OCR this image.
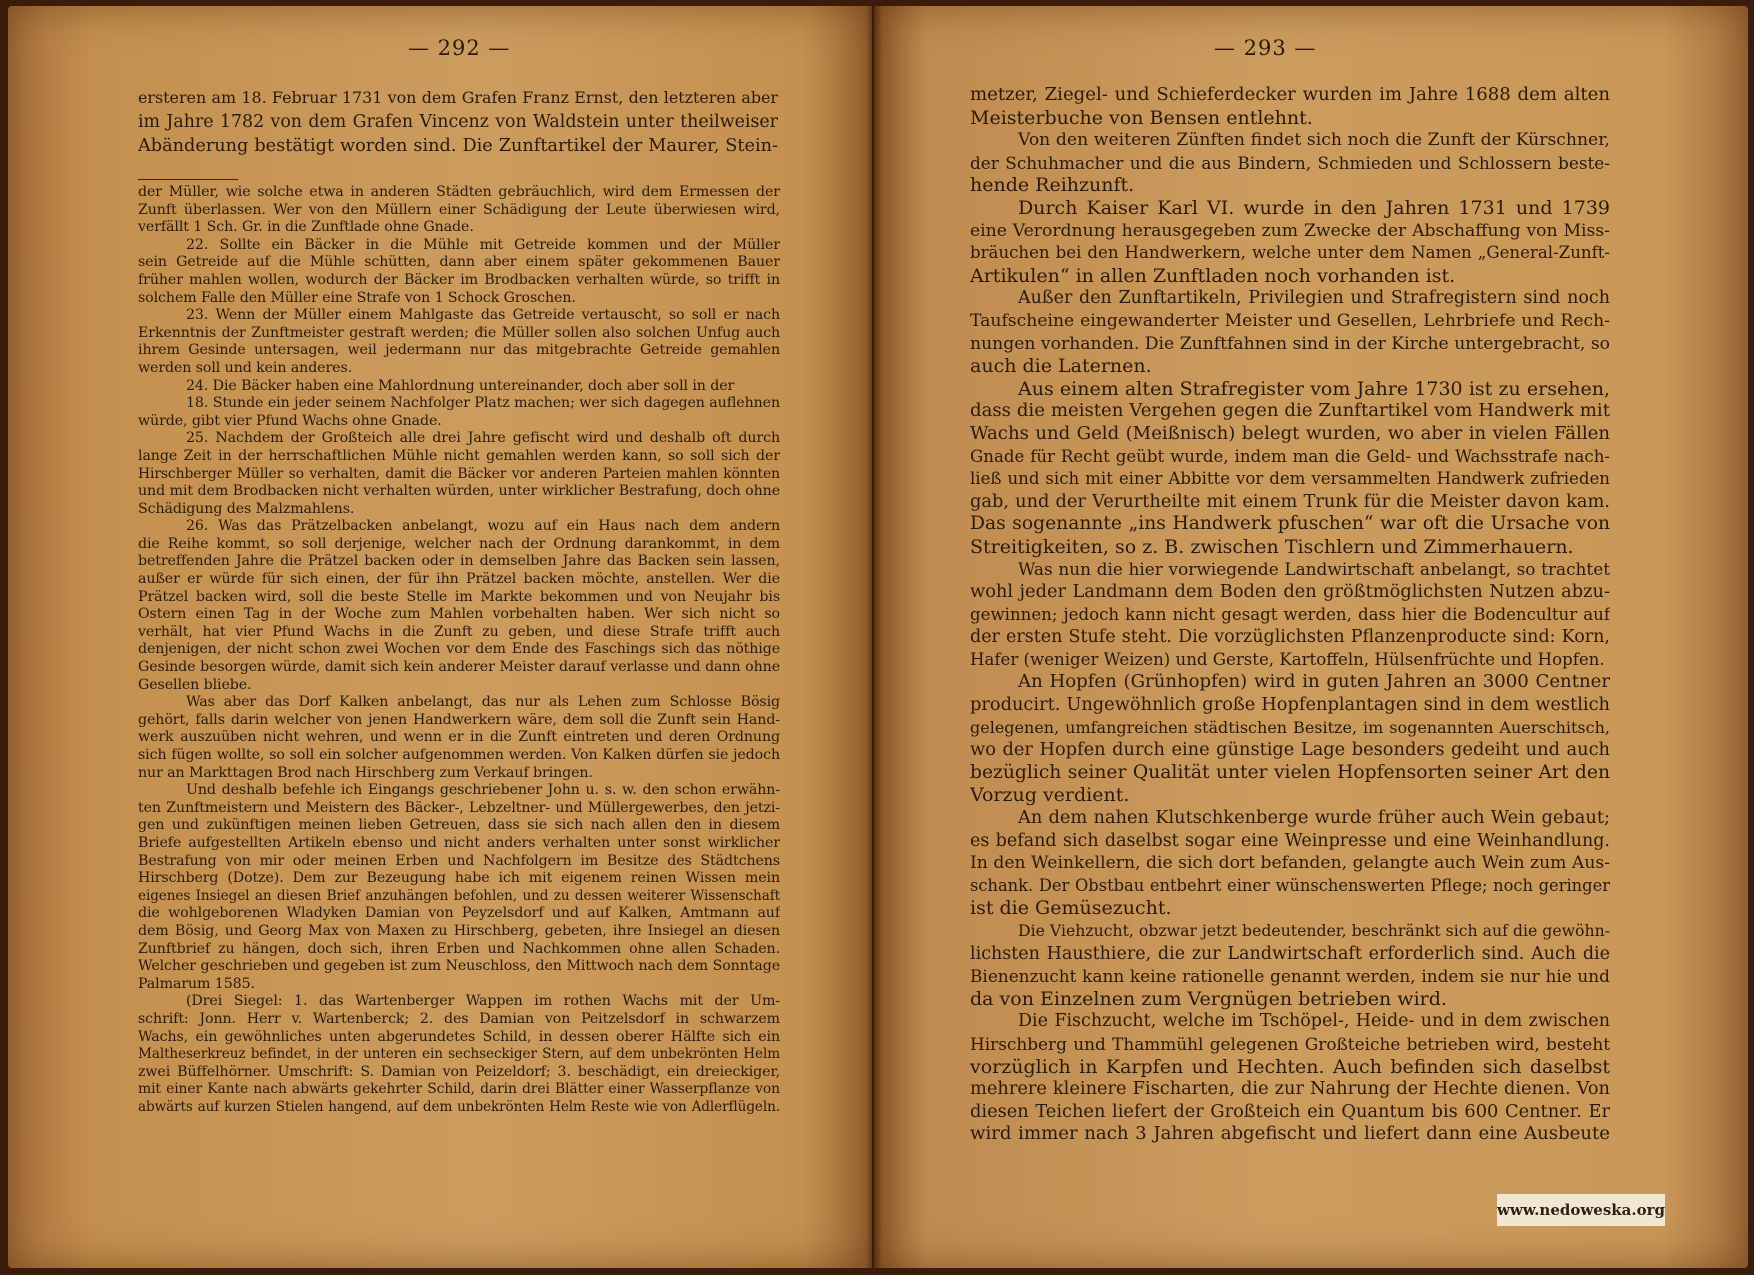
— 292 —
ersteren am 18. Februar 1731 von dem Grafen Franz Ernst, den letzteren aber
im Jahre 1782 von dem Grafen Vincenz von Waldstein unter theilweiser
Abänderung bestätigt worden sind. Die Zunftartikel der Maurer, Stein-
der Müller, wie solche etwa in anderen Städten gebräuchlich, wird dem Ermessen der
Zunft überlassen. Wer von den Müllern einer Schädigung der Leute überwiesen wird,
verfällt 1 Sch. Gr. in die Zunftlade ohne Gnade.
22. Sollte ein Bäcker in die Mühle mit Getreide kommen und der Müller
sein Getreide auf die Mühle schütten, dann aber einem später gekommenen Bauer
früher mahlen wollen, wodurch der Bäcker im Brodbacken verhalten würde, so trifft in
solchem Falle den Müller eine Strafe von 1 Schock Groschen.
23. Wenn der Müller einem Mahlgaste das Getreide vertauscht, so soll er nach
Erkenntnis der Zunftmeister gestraft werden; die Müller sollen also solchen Unfug auch
ihrem Gesinde untersagen, weil jedermann nur das mitgebrachte Getreide gemahlen
werden soll und kein anderes.
24. Die Bäcker haben eine Mahlordnung untereinander, doch aber soll in der
18. Stunde ein jeder seinem Nachfolger Platz machen; wer sich dagegen auflehnen
würde, gibt vier Pfund Wachs ohne Gnade.
25. Nachdem der Großteich alle drei Jahre gefischt wird und deshalb oft durch
lange Zeit in der herrschaftlichen Mühle nicht gemahlen werden kann, so soll sich der
Hirschberger Müller so verhalten, damit die Bäcker vor anderen Parteien mahlen könnten
und mit dem Brodbacken nicht verhalten würden, unter wirklicher Bestrafung, doch ohne
Schädigung des Malzmahlens.
26. Was das Prätzelbacken anbelangt, wozu auf ein Haus nach dem andern
die Reihe kommt, so soll derjenige, welcher nach der Ordnung darankommt, in dem
betreffenden Jahre die Prätzel backen oder in demselben Jahre das Backen sein lassen,
außer er würde für sich einen, der für ihn Prätzel backen möchte, anstellen. Wer die
Prätzel backen wird, soll die beste Stelle im Markte bekommen und von Neujahr bis
Ostern einen Tag in der Woche zum Mahlen vorbehalten haben. Wer sich nicht so
verhält, hat vier Pfund Wachs in die Zunft zu geben, und diese Strafe trifft auch
denjenigen, der nicht schon zwei Wochen vor dem Ende des Faschings sich das nöthige
Gesinde besorgen würde, damit sich kein anderer Meister darauf verlasse und dann ohne
Gesellen bliebe.
Was aber das Dorf Kalken anbelangt, das nur als Lehen zum Schlosse Bösig
gehört, falls darin welcher von jenen Handwerkern wäre, dem soll die Zunft sein Hand-
werk auszuüben nicht wehren, und wenn er in die Zunft eintreten und deren Ordnung
sich fügen wollte, so soll ein solcher aufgenommen werden. Von Kalken dürfen sie jedoch
nur an Markttagen Brod nach Hirschberg zum Verkauf bringen.
Und deshalb befehle ich Eingangs geschriebener John u. s. w. den schon erwähn-
ten Zunftmeistern und Meistern des Bäcker-, Lebzeltner- und Müllergewerbes, den jetzi-
gen und zukünftigen meinen lieben Getreuen, dass sie sich nach allen den in diesem
Briefe aufgestellten Artikeln ebenso und nicht anders verhalten unter sonst wirklicher
Bestrafung von mir oder meinen Erben und Nachfolgern im Besitze des Städtchens
Hirschberg (Dotze). Dem zur Bezeugung habe ich mit eigenem reinen Wissen mein
eigenes Insiegel an diesen Brief anzuhängen befohlen, und zu dessen weiterer Wissenschaft
die wohlgeborenen Wladyken Damian von Peyzelsdorf und auf Kalken, Amtmann auf
dem Bösig, und Georg Max von Maxen zu Hirschberg, gebeten, ihre Insiegel an diesen
Zunftbrief zu hängen, doch sich, ihren Erben und Nachkommen ohne allen Schaden.
Welcher geschrieben und gegeben ist zum Neuschloss, den Mittwoch nach dem Sonntage
Palmarum 1585.
(Drei Siegel: 1. das Wartenberger Wappen im rothen Wachs mit der Um-
schrift: Jonn. Herr v. Wartenberck; 2. des Damian von Peitzelsdorf in schwarzem
Wachs, ein gewöhnliches unten abgerundetes Schild, in dessen oberer Hälfte sich ein
Maltheserkreuz befindet, in der unteren ein sechseckiger Stern, auf dem unbekrönten Helm
zwei Büffelhörner. Umschrift: S. Damian von Peizeldorf; 3. beschädigt, ein dreieckiger,
mit einer Kante nach abwärts gekehrter Schild, darin drei Blätter einer Wasserpflanze von
abwärts auf kurzen Stielen hangend, auf dem unbekrönten Helm Reste wie von Adlerflügeln.
— 293 —
metzer, Ziegel- und Schieferdecker wurden im Jahre 1688 dem alten
Meisterbuche von Bensen entlehnt.
Von den weiteren Zünften findet sich noch die Zunft der Kürschner,
der Schuhmacher und die aus Bindern, Schmieden und Schlossern beste-
hende Reihzunft.
Durch Kaiser Karl VI. wurde in den Jahren 1731 und 1739
eine Verordnung herausgegeben zum Zwecke der Abschaffung von Miss-
bräuchen bei den Handwerkern, welche unter dem Namen „General-Zunft-
Artikulen“ in allen Zunftladen noch vorhanden ist.
Außer den Zunftartikeln, Privilegien und Strafregistern sind noch
Taufscheine eingewanderter Meister und Gesellen, Lehrbriefe und Rech-
nungen vorhanden. Die Zunftfahnen sind in der Kirche untergebracht, so
auch die Laternen.
Aus einem alten Strafregister vom Jahre 1730 ist zu ersehen,
dass die meisten Vergehen gegen die Zunftartikel vom Handwerk mit
Wachs und Geld (Meißnisch) belegt wurden, wo aber in vielen Fällen
Gnade für Recht geübt wurde, indem man die Geld- und Wachsstrafe nach-
ließ und sich mit einer Abbitte vor dem versammelten Handwerk zufrieden
gab, und der Verurtheilte mit einem Trunk für die Meister davon kam.
Das sogenannte „ins Handwerk pfuschen“ war oft die Ursache von
Streitigkeiten, so z. B. zwischen Tischlern und Zimmerhauern.
Was nun die hier vorwiegende Landwirtschaft anbelangt, so trachtet
wohl jeder Landmann dem Boden den größtmöglichsten Nutzen abzu-
gewinnen; jedoch kann nicht gesagt werden, dass hier die Bodencultur auf
der ersten Stufe steht. Die vorzüglichsten Pflanzenproducte sind: Korn,
Hafer (weniger Weizen) und Gerste, Kartoffeln, Hülsenfrüchte und Hopfen.
An Hopfen (Grünhopfen) wird in guten Jahren an 3000 Centner
producirt. Ungewöhnlich große Hopfenplantagen sind in dem westlich
gelegenen, umfangreichen städtischen Besitze, im sogenannten Auerschitsch,
wo der Hopfen durch eine günstige Lage besonders gedeiht und auch
bezüglich seiner Qualität unter vielen Hopfensorten seiner Art den
Vorzug verdient.
An dem nahen Klutschkenberge wurde früher auch Wein gebaut;
es befand sich daselbst sogar eine Weinpresse und eine Weinhandlung.
In den Weinkellern, die sich dort befanden, gelangte auch Wein zum Aus-
schank. Der Obstbau entbehrt einer wünschenswerten Pflege; noch geringer
ist die Gemüsezucht.
Die Viehzucht, obzwar jetzt bedeutender, beschränkt sich auf die gewöhn-
lichsten Hausthiere, die zur Landwirtschaft erforderlich sind. Auch die
Bienenzucht kann keine rationelle genannt werden, indem sie nur hie und
da von Einzelnen zum Vergnügen betrieben wird.
Die Fischzucht, welche im Tschöpel-, Heide- und in dem zwischen
Hirschberg und Thammühl gelegenen Großteiche betrieben wird, besteht
vorzüglich in Karpfen und Hechten. Auch befinden sich daselbst
mehrere kleinere Fischarten, die zur Nahrung der Hechte dienen. Von
diesen Teichen liefert der Großteich ein Quantum bis 600 Centner. Er
wird immer nach 3 Jahren abgefischt und liefert dann eine Ausbeute
www.nedoweska.org
